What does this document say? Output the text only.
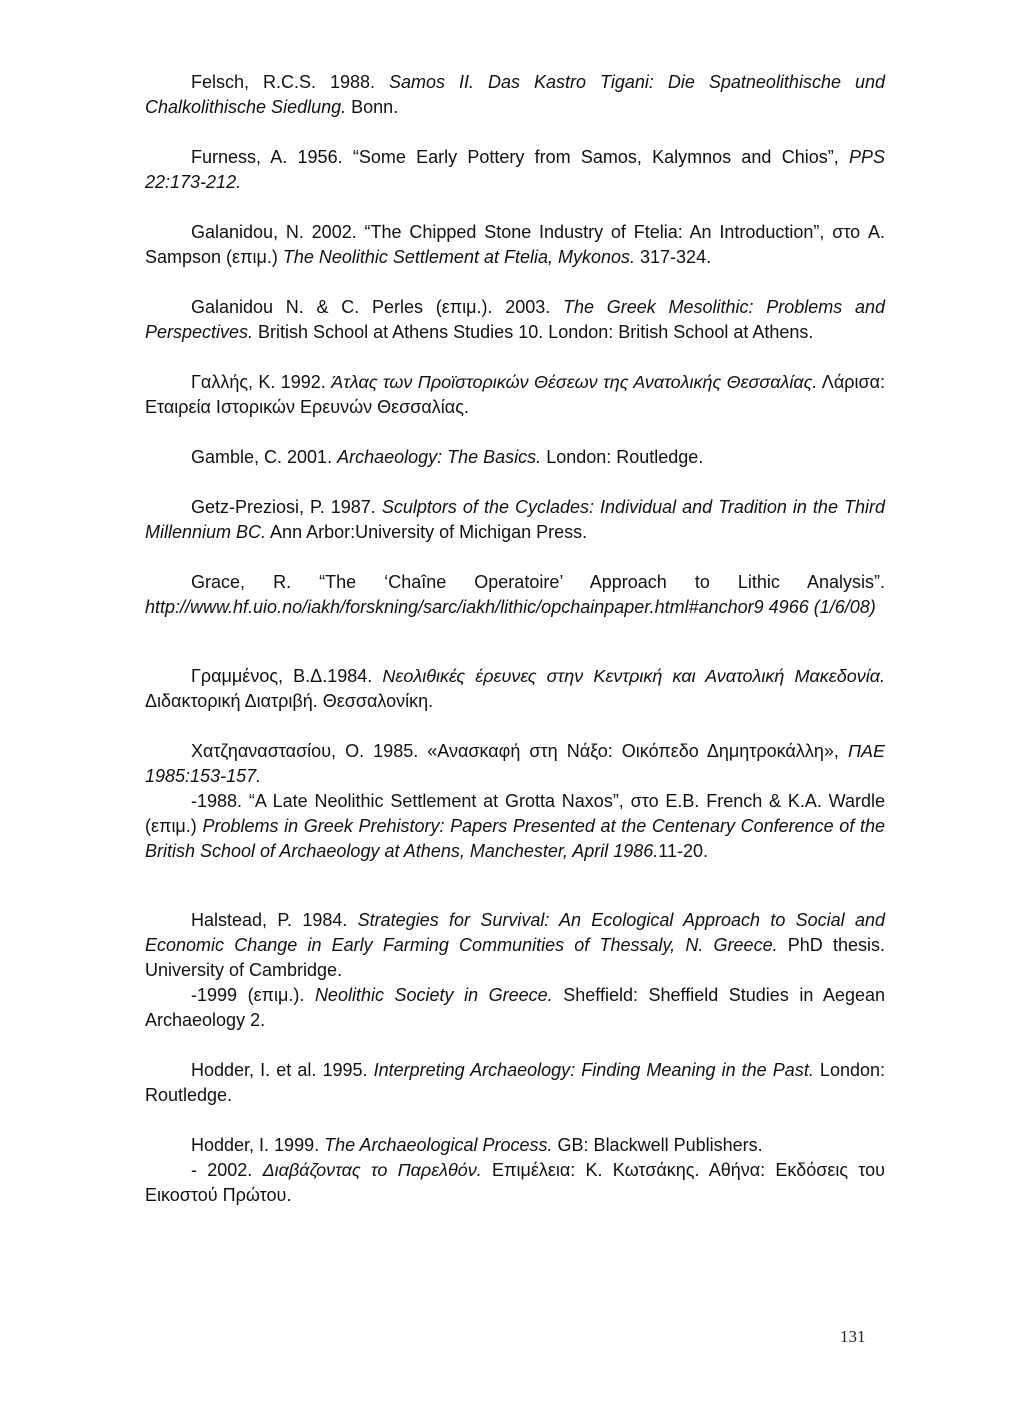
Felsch, R.C.S. 1988. Samos II. Das Kastro Tigani: Die Spatneolithische und Chalkolithische Siedlung. Bonn.

Furness, A. 1956. “Some Early Pottery from Samos, Kalymnos and Chios”, PPS 22:173-212.

Galanidou, N. 2002. “The Chipped Stone Industry of Ftelia: An Introduction”, στο A. Sampson (επιμ.) The Neolithic Settlement at Ftelia, Mykonos. 317-324.

Galanidou N. & C. Perles (επιμ.). 2003. The Greek Mesolithic: Problems and Perspectives. British School at Athens Studies 10. London: British School at Athens.

Γαλλής, Κ. 1992. Άτλας των Προϊστορικών Θέσεων της Ανατολικής Θεσσαλίας. Λάρισα: Εταιρεία Ιστορικών Ερευνών Θεσσαλίας.

Gamble, C. 2001. Archaeology: The Basics. London: Routledge.

Getz-Preziosi, P. 1987. Sculptors of the Cyclades: Individual and Tradition in the Third Millennium BC. Ann Arbor:University of Michigan Press.

Grace, R. “The ‘Chaîne Operatoire’ Approach to Lithic Analysis”. http://www.hf.uio.no/iakh/forskning/sarc/iakh/lithic/opchainpaper.html#anchor9 4966 (1/6/08)

Γραμμένος, Β.Δ.1984. Νεολιθικές έρευνες στην Κεντρική και Ανατολική Μακεδονία. Διδακτορική Διατριβή. Θεσσαλονίκη.

Χατζηαναστασίου, Ο. 1985. «Ανασκαφή στη Νάξο: Οικόπεδο Δημητροκάλλη», ΠΑΕ 1985:153-157.

-1988. “A Late Neolithic Settlement at Grotta Naxos”, στο E.B. French & K.A. Wardle (επιμ.) Problems in Greek Prehistory: Papers Presented at the Centenary Conference of the British School of Archaeology at Athens, Manchester, April 1986.11-20.

Halstead, P. 1984. Strategies for Survival: An Ecological Approach to Social and Economic Change in Early Farming Communities of Thessaly, N. Greece. PhD thesis. University of Cambridge.

-1999 (επιμ.). Neolithic Society in Greece. Sheffield: Sheffield Studies in Aegean Archaeology 2.

Hodder, I. et al. 1995. Interpreting Archaeology: Finding Meaning in the Past. London: Routledge.

Hodder, I. 1999. The Archaeological Process. GB: Blackwell Publishers.

- 2002. Διαβάζοντας το Παρελθόν. Επιμέλεια: Κ. Κωτσάκης. Αθήνα: Εκδόσεις του Εικοστού Πρώτου.

131
